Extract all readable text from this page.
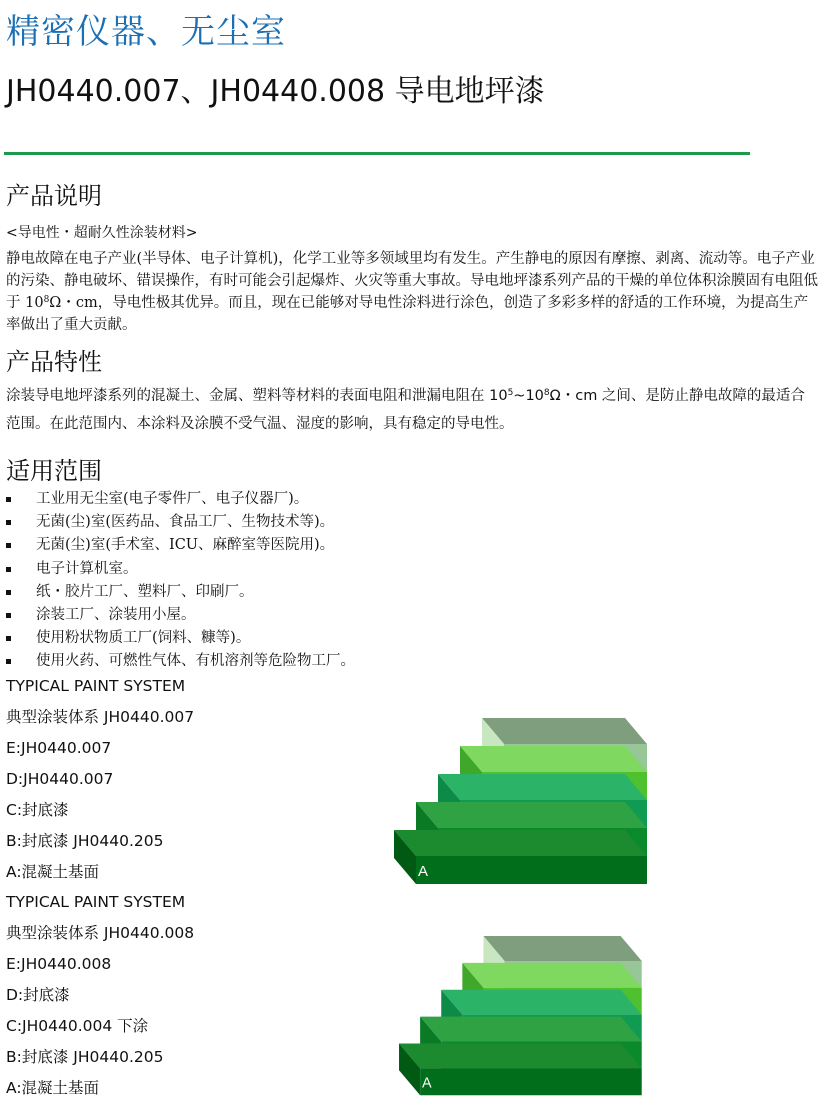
精密仪器、无尘室
JH0440.007、JH0440.008 导电地坪漆
产品说明
<导电性・超耐久性涂装材料>

静电故障在电子产业(半导体、电子计算机)，化学工业等多领域里均有发生。产生静电的原因有摩擦、剥离、流动等。电子产业的污染、静电破坏、错误操作，有时可能会引起爆炸、火灾等重大事故。导电地坪漆系列产品的干燥的单位体积涂膜固有电阻低于 $10^8\Omega$・cm，导电性极其优异。而且，现在已能够对导电性涂料进行涂色，创造了多彩多样的舒适的工作环境，为提高生产率做出了重大贡献。

产品特性

涂装导电地坪漆系列的混凝土、金属、塑料等材料的表面电阻和泄漏电阻在 $10^5\sim 10^8\Omega$・cm 之间、是防止静电故障的最适合范围。在此范围内、本涂料及涂膜不受气温、湿度的影响，具有稳定的导电性。

适用范围
工业用无尘室(电子零件厂、电子仪器厂)。
无菌(尘)室(医药品、食品工厂、生物技术等)。
无菌(尘)室(手术室、ICU、麻醉室等医院用)。
电子计算机室。
纸・胶片工厂、塑料厂、印刷厂。
涂装工厂、涂装用小屋。
使用粉状物质工厂(饲料、糠等)。
使用火药、可燃性气体、有机溶剂等危险物工厂。
TYPICAL PAINT SYSTEM
典型涂装体系 JH0440.007
E:JH0440.007
D:JH0440.007
C:封底漆
B:封底漆 JH0440.205
A:混凝土基面
TYPICAL PAINT SYSTEM
典型涂装体系 JH0440.008
E:JH0440.008
D:封底漆
C:JH0440.004 下涂
B:封底漆 JH0440.205
A:混凝土基面
A
A
